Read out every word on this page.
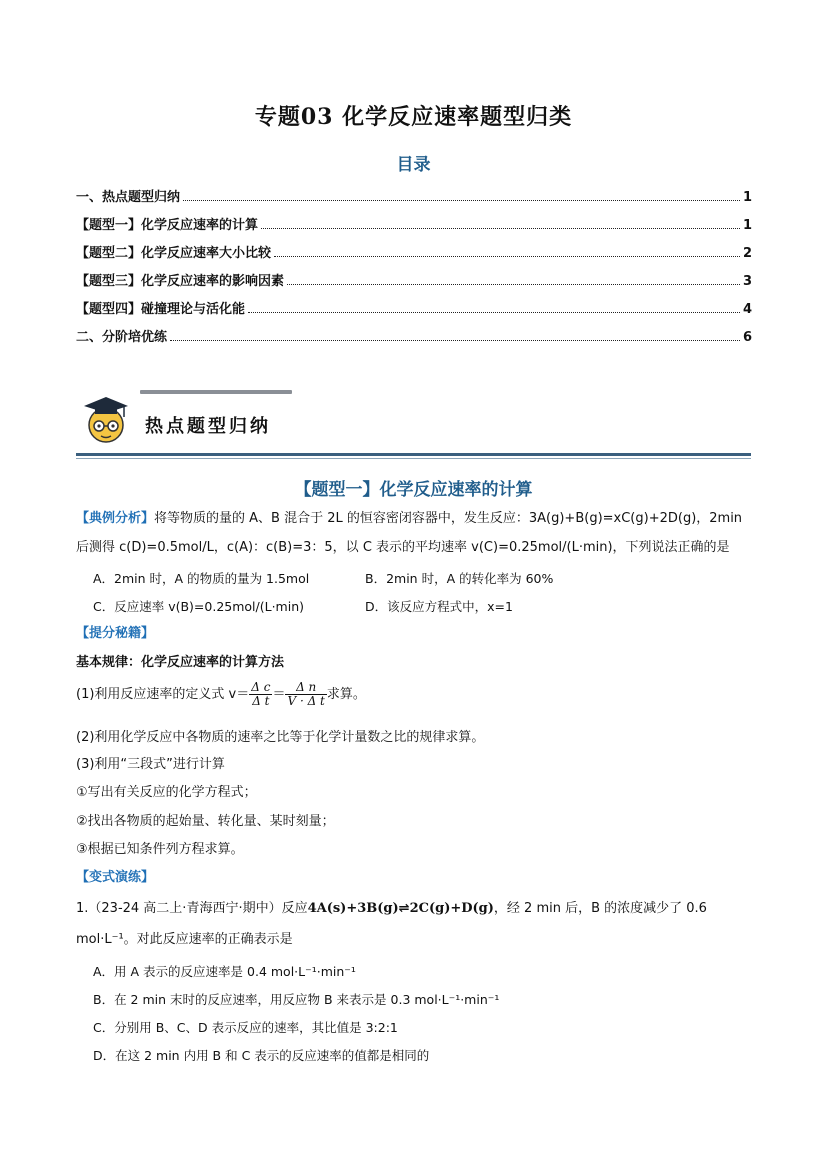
专题03 化学反应速率题型归类
目录
一、热点题型归纳	1
【题型一】化学反应速率的计算	1
【题型二】化学反应速率大小比较	2
【题型三】化学反应速率的影响因素	3
【题型四】碰撞理论与活化能	4
二、分阶培优练	6
热点题型归纳
【题型一】化学反应速率的计算
【典例分析】将等物质的量的 A、B 混合于 2L 的恒容密闭容器中，发生反应：3A(g)+B(g)=xC(g)+2D(g)，2min
后测得 c(D)=0.5mol/L，c(A)：c(B)=3：5，以 C 表示的平均速率 v(C)=0.25mol/(L·min)，下列说法正确的是
A．2min 时，A 的物质的量为 1.5mol	B．2min 时，A 的转化率为 60%
C．反应速率 v(B)=0.25mol/(L·min)	D．该反应方程式中，x=1
【提分秘籍】
基本规律：化学反应速率的计算方法
(1)利用反应速率的定义式 $v= \frac{\text{Δ c}}{\text{Δ t}} = \frac{\text{Δ n}}{\text{V · Δ t}}$ 求算。
(2)利用化学反应中各物质的速率之比等于化学计量数之比的规律求算。
(3)利用“三段式”进行计算
①写出有关反应的化学方程式；
②找出各物质的起始量、转化量、某时刻量；
③根据已知条件列方程求算。
【变式演练】
1.（23-24 高二上·青海西宁·期中）反应4A(s)+3B(g)⇌2C(g)+D(g)，经 2 min 后，B 的浓度减少了 0.6
mol·L⁻¹。对此反应速率的正确表示是
A．用 A 表示的反应速率是 0.4 mol·L⁻¹·min⁻¹
B．在 2 min 末时的反应速率，用反应物 B 来表示是 0.3 mol·L⁻¹·min⁻¹
C．分别用 B、C、D 表示反应的速率，其比值是 3:2:1
D．在这 2 min 内用 B 和 C 表示的反应速率的值都是相同的
